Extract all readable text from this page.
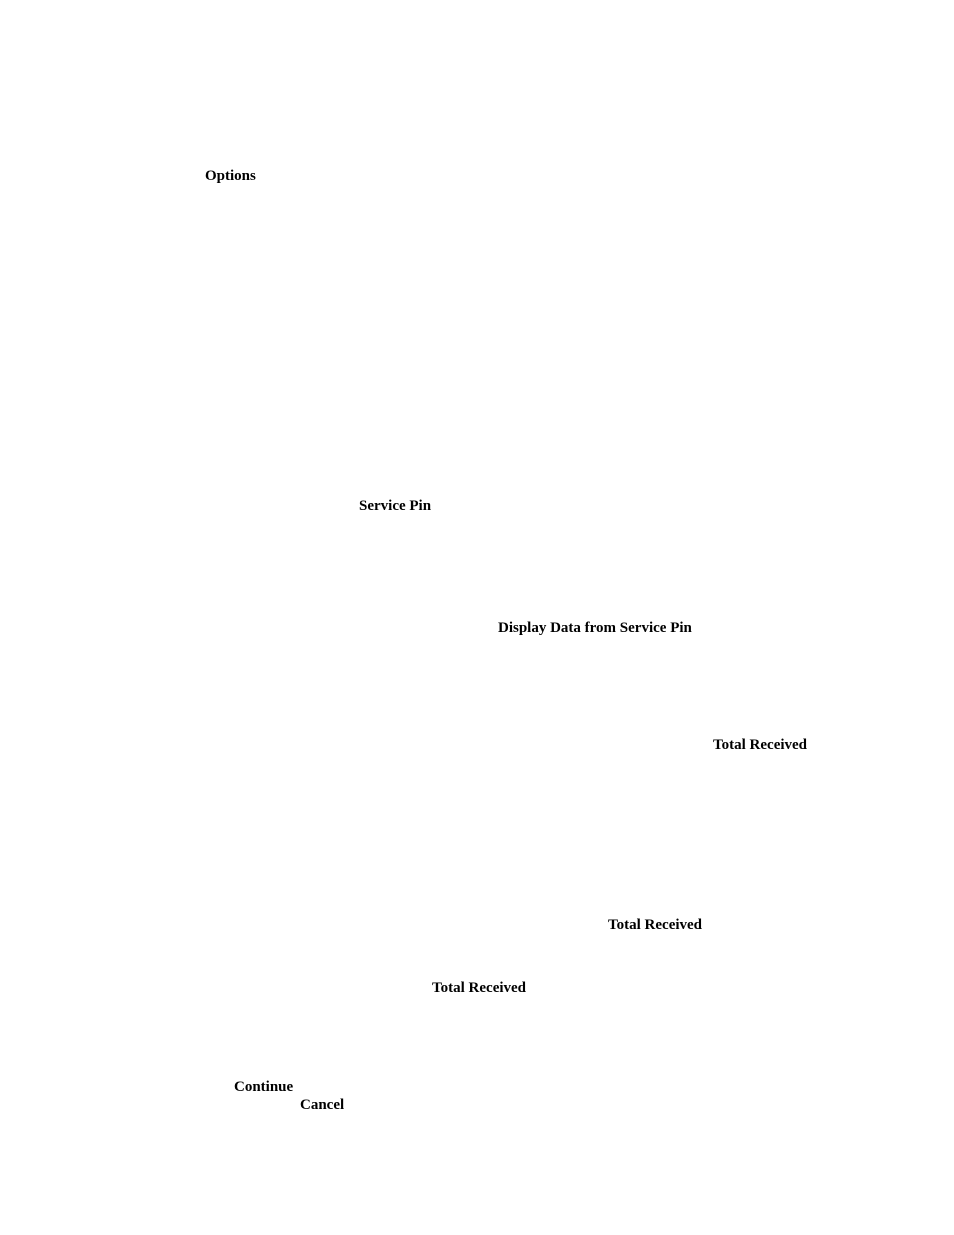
Options
Service Pin
Display Data from Service Pin
Total Received
Total Received
Total Received
Continue
Cancel
